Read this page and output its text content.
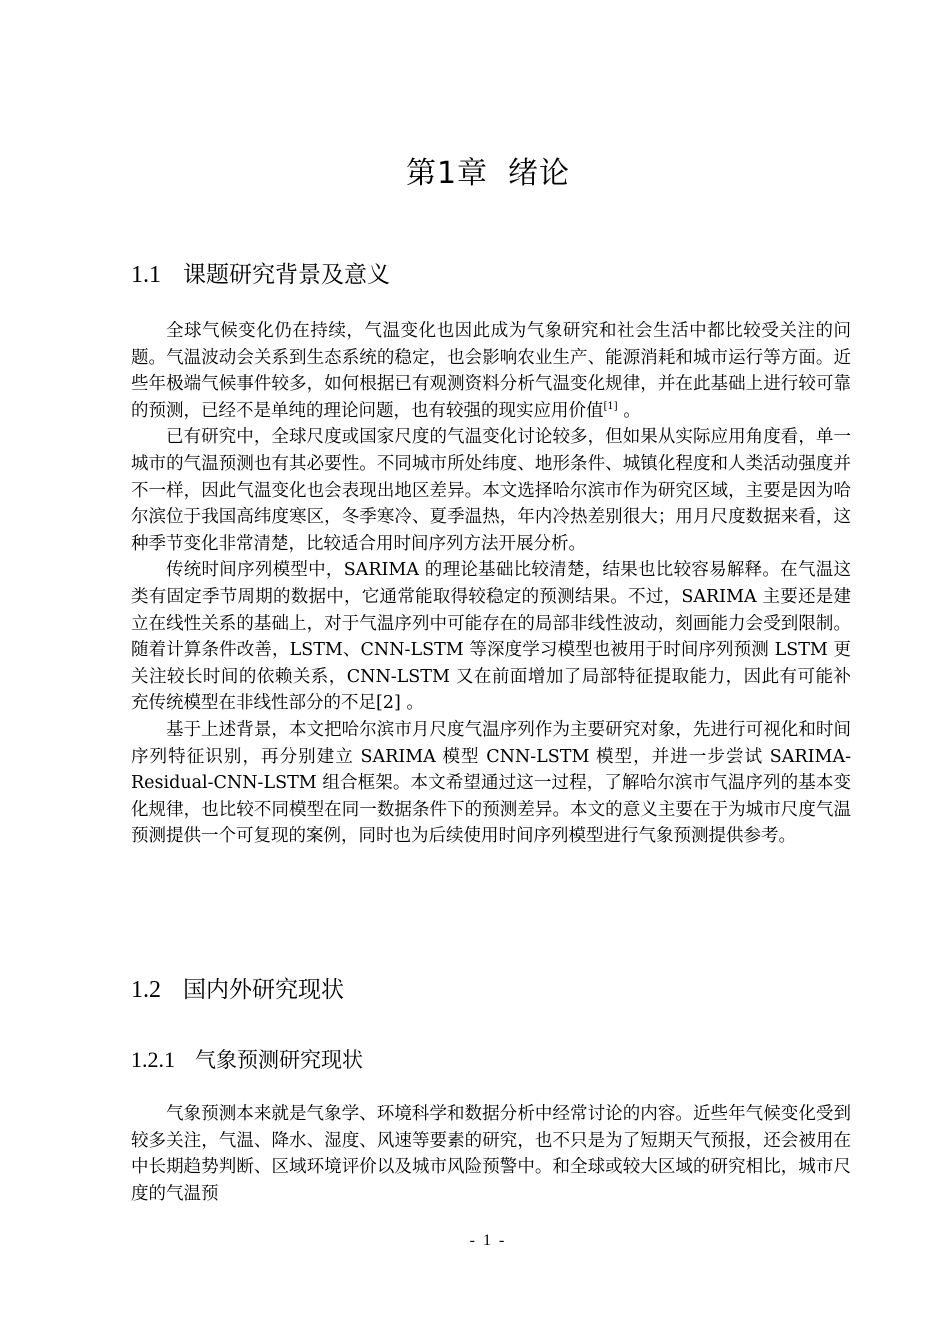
第1章 绪论
1.1 课题研究背景及意义

全球气候变化仍在持续，气温变化也因此成为气象研究和社会生活中都比较受关注的问题。气温波动会关系到生态系统的稳定，也会影响农业生产、能源消耗和城市运行等方面。近些年极端气候事件较多，如何根据已有观测资料分析气温变化规律，并在此基础上进行较可靠的预测，已经不是单纯的理论问题，也有较强的现实应用价值[1] 。

已有研究中，全球尺度或国家尺度的气温变化讨论较多，但如果从实际应用角度看，单一城市的气温预测也有其必要性。不同城市所处纬度、地形条件、城镇化程度和人类活动强度并不一样，因此气温变化也会表现出地区差异。本文选择哈尔滨市作为研究区域，主要是因为哈尔滨位于我国高纬度寒区，冬季寒冷、夏季温热，年内冷热差别很大；用月尺度数据来看，这种季节变化非常清楚，比较适合用时间序列方法开展分析。

传统时间序列模型中，SARIMA 的理论基础比较清楚，结果也比较容易解释。在气温这类有固定季节周期的数据中，它通常能取得较稳定的预测结果。不过，SARIMA 主要还是建立在线性关系的基础上，对于气温序列中可能存在的局部非线性波动，刻画能力会受到限制。随着计算条件改善，LSTM、CNN-LSTM 等深度学习模型也被用于时间序列预测 LSTM 更关注较长时间的依赖关系，CNN-LSTM 又在前面增加了局部特征提取能力，因此有可能补充传统模型在非线性部分的不足[2] 。

基于上述背景，本文把哈尔滨市月尺度气温序列作为主要研究对象，先进行可视化和时间序列特征识别，再分别建立 SARIMA 模型 CNN-LSTM 模型，并进一步尝试 SARIMA-Residual-CNN-LSTM 组合框架。本文希望通过这一过程，了解哈尔滨市气温序列的基本变化规律，也比较不同模型在同一数据条件下的预测差异。本文的意义主要在于为城市尺度气温预测提供一个可复现的案例，同时也为后续使用时间序列模型进行气象预测提供参考。

1.2 国内外研究现状
1.2.1 气象预测研究现状

气象预测本来就是气象学、环境科学和数据分析中经常讨论的内容。近些年气候变化受到较多关注，气温、降水、湿度、风速等要素的研究，也不只是为了短期天气预报，还会被用在中长期趋势判断、区域环境评价以及城市风险预警中。和全球或较大区域的研究相比，城市尺度的气温预

- 1 -
